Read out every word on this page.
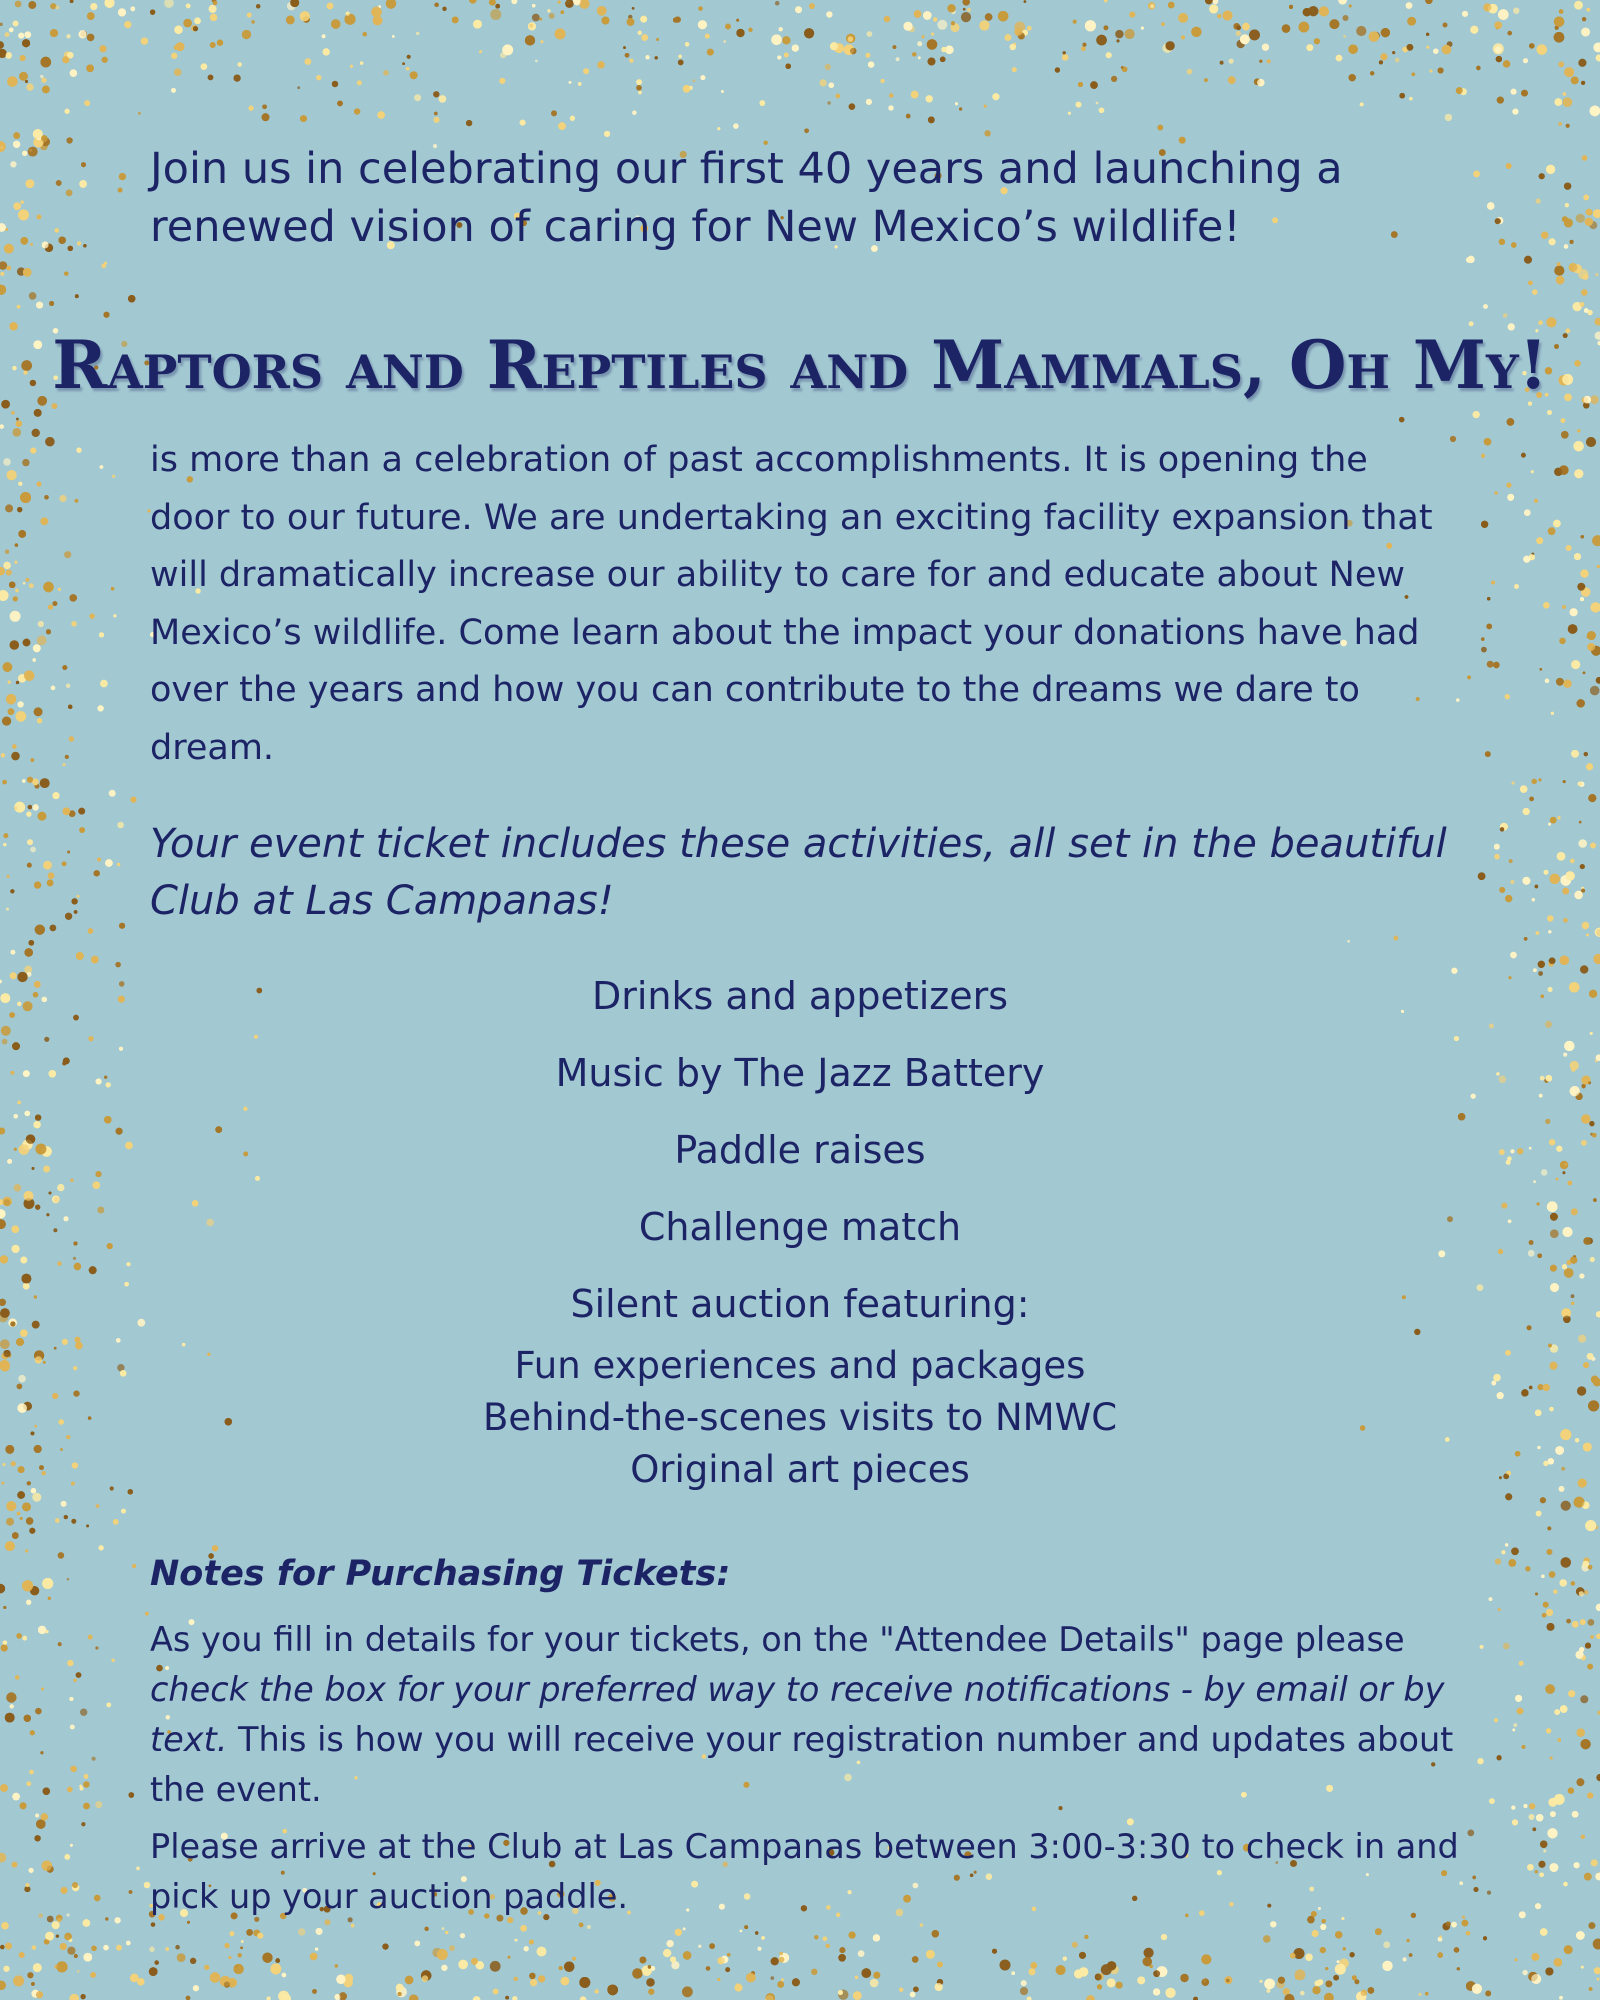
Join us in celebrating our first 40 years and launching a renewed vision of caring for New Mexico’s wildlife!

Raptors and Reptiles and Mammals, Oh My!

is more than a celebration of past accomplishments. It is opening the door to our future. We are undertaking an exciting facility expansion that will dramatically increase our ability to care for and educate about New Mexico’s wildlife. Come learn about the impact your donations have had over the years and how you can contribute to the dreams we dare to dream.

Your event ticket includes these activities, all set in the beautiful Club at Las Campanas!

Drinks and appetizers
Music by The Jazz Battery
Paddle raises
Challenge match
Silent auction featuring:
Fun experiences and packages
Behind-the-scenes visits to NMWC
Original art pieces
Notes for Purchasing Tickets:

As you fill in details for your tickets, on the "Attendee Details" page please check the box for your preferred way to receive notifications - by email or by text. This is how you will receive your registration number and updates about the event.

Please arrive at the Club at Las Campanas between 3:00-3:30 to check in and pick up your auction paddle.
